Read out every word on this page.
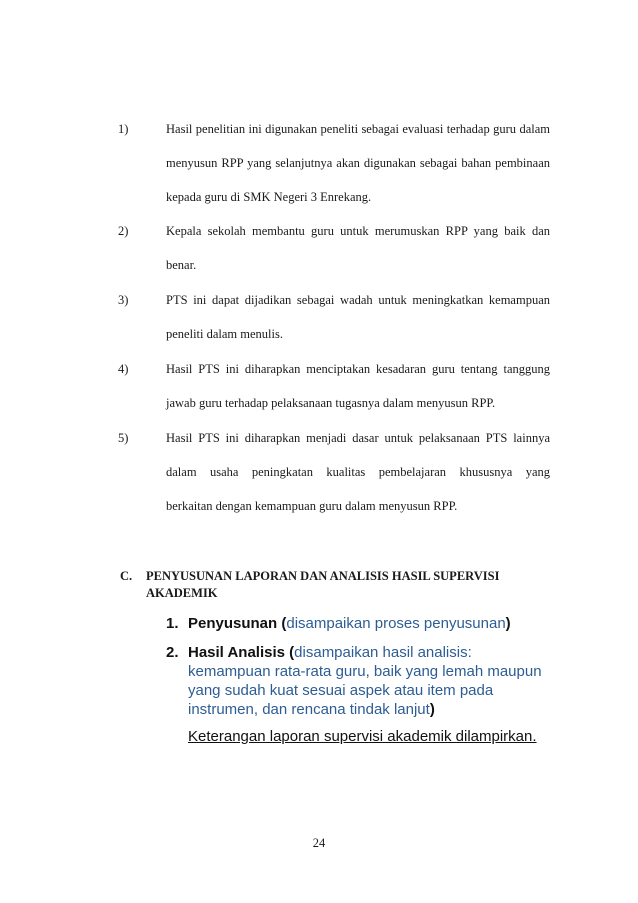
1)	Hasil penelitian ini digunakan peneliti sebagai evaluasi terhadap guru dalam menyusun RPP yang selanjutnya akan digunakan sebagai bahan pembinaan kepada guru di SMK Negeri 3 Enrekang.
2)	Kepala sekolah membantu guru untuk merumuskan RPP yang baik dan benar.
3)	PTS ini dapat dijadikan sebagai wadah untuk meningkatkan kemampuan peneliti dalam menulis.
4)	Hasil PTS ini diharapkan menciptakan kesadaran guru tentang tanggung jawab guru terhadap pelaksanaan tugasnya dalam menyusun RPP.
5)	Hasil PTS ini diharapkan menjadi dasar untuk pelaksanaan PTS lainnya
dalam usaha peningkatan kualitas pembelajaran khususnya yang
berkaitan dengan kemampuan guru dalam menyusun RPP.
C. PENYUSUNAN LAPORAN DAN ANALISIS HASIL SUPERVISI AKADEMIK
1. Penyusunan (disampaikan proses penyusunan)
2. Hasil Analisis (disampaikan hasil analisis: kemampuan rata-rata guru, baik yang lemah maupun yang sudah kuat sesuai aspek atau item pada instrumen, dan rencana tindak lanjut)
Keterangan laporan supervisi akademik dilampirkan.
24
